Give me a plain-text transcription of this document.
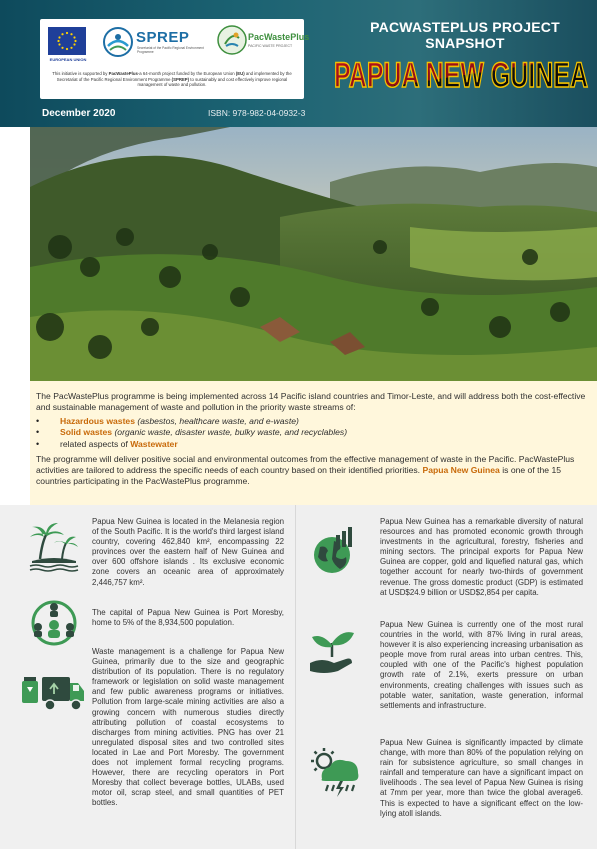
EUROPEAN UNION
SPREP
Secretariat of the Pacific Regional Environment Programme
PacWastePlus
PACIFIC WASTE PROJECT
This initiative is supported by PacWastePlus-a 64-month project funded by the European Union (EU) and implemented by the Secretariat of the Pacific Regional Environment Programme (SPREP) to sustainably and cost effectively improve regional management of waste and pollution.
PACWASTEPLUS PROJECT SNAPSHOT
PAPUA NEW GUINEA
December 2020	ISBN: 978-982-04-0932-3

The PacWastePlus programme is being implemented across 14 Pacific island countries and Timor-Leste, and will address both the cost-effective and sustainable management of waste and pollution in the priority waste streams of:

• Hazardous wastes (asbestos, healthcare waste, and e-waste)
• Solid wastes (organic waste, disaster waste, bulky waste, and recyclables)
• related aspects of Wastewater

The programme will deliver positive social and environmental outcomes from the effective management of waste in the Pacific. PacWastePlus activities are tailored to address the specific needs of each country based on their identified priorities. Papua New Guinea is one of the 15 countries participating in the PacWastePlus programme.

Papua New Guinea is located in the Melanesia region of the South Pacific. It is the world's third largest island country, covering 462,840 km², encompassing 22 provinces over the eastern half of New Guinea and over 600 offshore islands . Its exclusive economic zone covers an oceanic area of approximately 2,446,757 km².
The capital of Papua New Guinea is Port Moresby, home to 5% of the 8,934,500 population.
Waste management is a challenge for Papua New Guinea, primarily due to the size and geographic distribution of its population. There is no regulatory framework or legislation on solid waste management and few public awareness programs or initiatives. Pollution from large-scale mining activities are also a growing concern with numerous studies directly attributing pollution of coastal ecosystems to discharges from mining activities. PNG has over 21 unregulated disposal sites and two controlled sites located in Lae and Port Moresby. The government does not implement formal recycling programs. However, there are recycling operators in Port Moresby that collect beverage bottles, ULABs, used motor oil, scrap steel, and small quantities of PET bottles.
Papua New Guinea has a remarkable diversity of natural resources and has promoted economic growth through investments in the agricultural, forestry, fisheries and mining sectors. The principal exports for Papua New Guinea are copper, gold and liquefied natural gas, which together account for nearly two-thirds of government revenue. The gross domestic product (GDP) is estimated at USD$24.9 billion or USD$2,854 per capita.
Papua New Guinea is currently one of the most rural countries in the world, with 87% living in rural areas, however it is also experiencing increasing urbanisation as people move from rural areas into urban centres. This, coupled with one of the Pacific's highest population growth rate of 2.1%, exerts pressure on urban environments, creating challenges with issues such as potable water, sanitation, waste generation, informal settlements and infrastructure.
Papua New Guinea is significantly impacted by climate change, with more than 80% of the population relying on rain for subsistence agriculture, so small changes in rainfall and temperature can have a significant impact on livelihoods . The sea level of Papua New Guinea is rising at 7mm per year, more than twice the global average6. This is expected to have a significant effect on the low-lying atoll islands.
